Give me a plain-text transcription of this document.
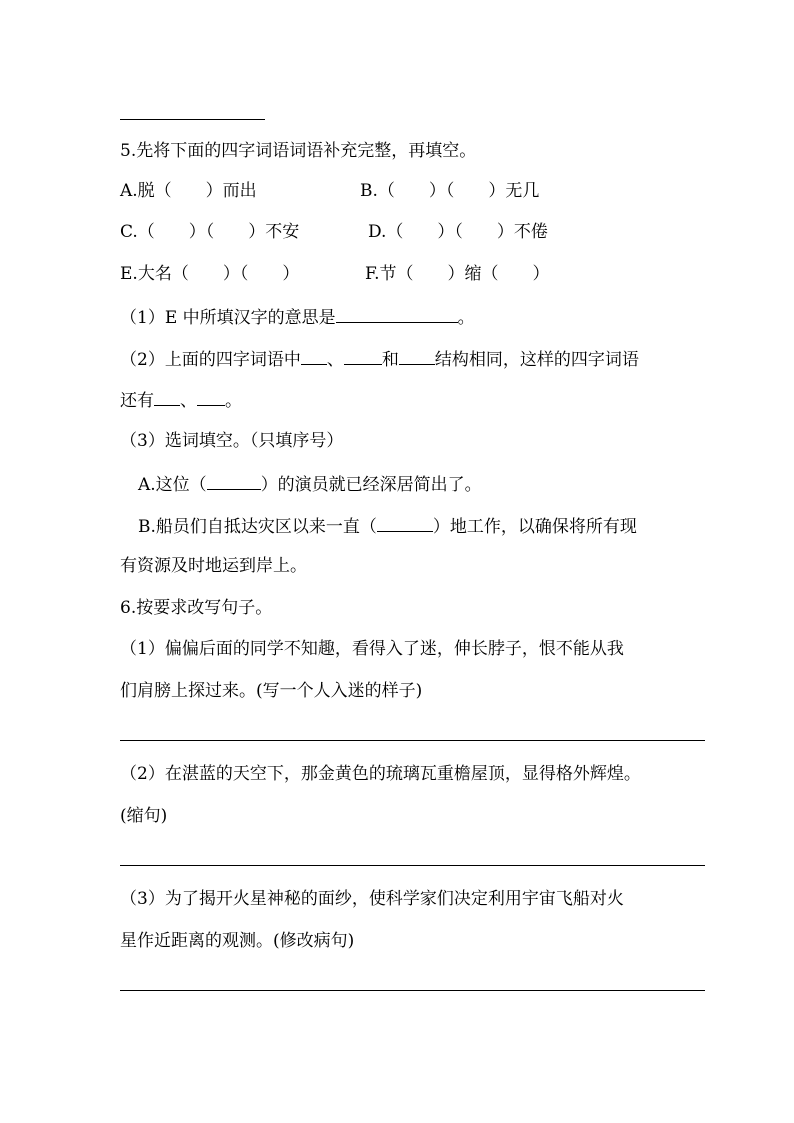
5.先将下面的四字词语词语补充完整，再填空。
A.脱（　　）而出	B.（　　）（　　）无几
C.（　　）（　　）不安	D.（　　）（　　）不倦
E.大名（　　）（　　）	F.节（　　）缩（　　）
（1）E 中所填汉字的意思是	。
（2）上面的四字词语中 、 和 结构相同，这样的四字词语
还有 、 。
（3）选词填空。（只填序号）
A.这位（	）的演员就已经深居简出了。
B.船员们自抵达灾区以来一直（	）地工作，以确保将所有现
有资源及时地运到岸上。
6.按要求改写句子。
（1）偏偏后面的同学不知趣，看得入了迷，伸长脖子，恨不能从我
们肩膀上探过来。(写一个人入迷的样子)
（2）在湛蓝的天空下，那金黄色的琉璃瓦重檐屋顶，显得格外辉煌。
(缩句)
（3）为了揭开火星神秘的面纱，使科学家们决定利用宇宙飞船对火
星作近距离的观测。(修改病句)
